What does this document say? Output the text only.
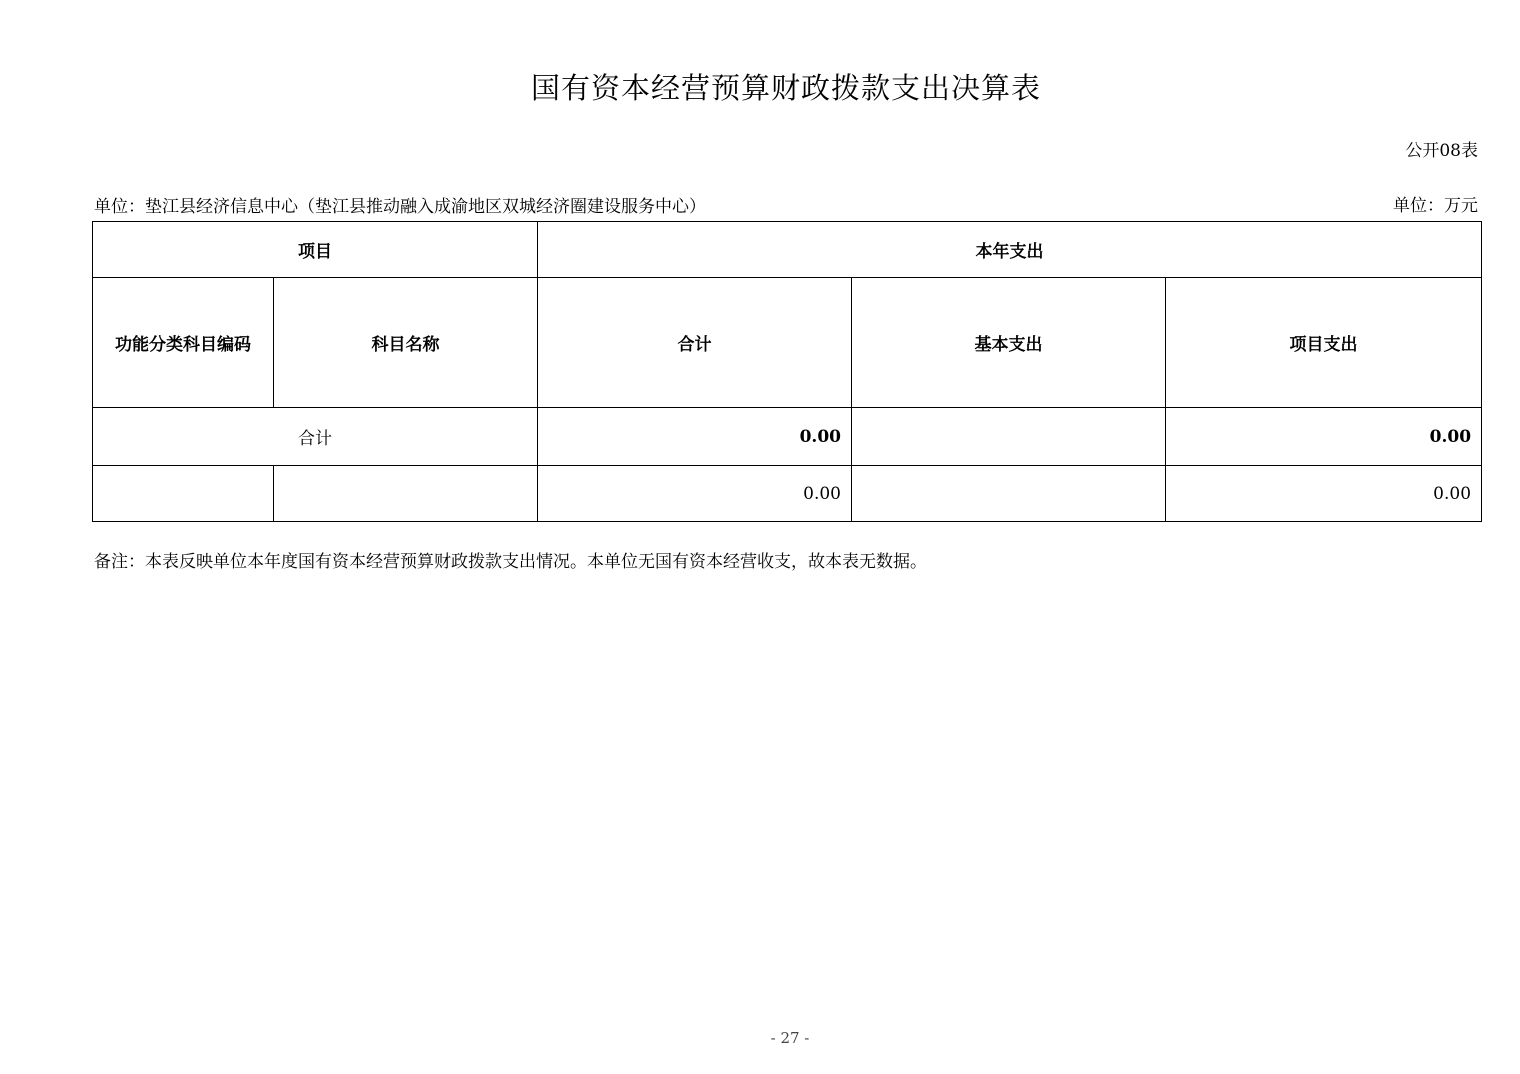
国有资本经营预算财政拨款支出决算表
公开08表
单位：垫江县经济信息中心（垫江县推动融入成渝地区双城经济圈建设服务中心）	单位：万元
项目		本年支出		
功能分类科目编码	科目名称	合计	基本支出	项目支出
合计		0.00		0.00
		0.00		0.00
备注：本表反映单位本年度国有资本经营预算财政拨款支出情况。本单位无国有资本经营收支，故本表无数据。
- 27 -
